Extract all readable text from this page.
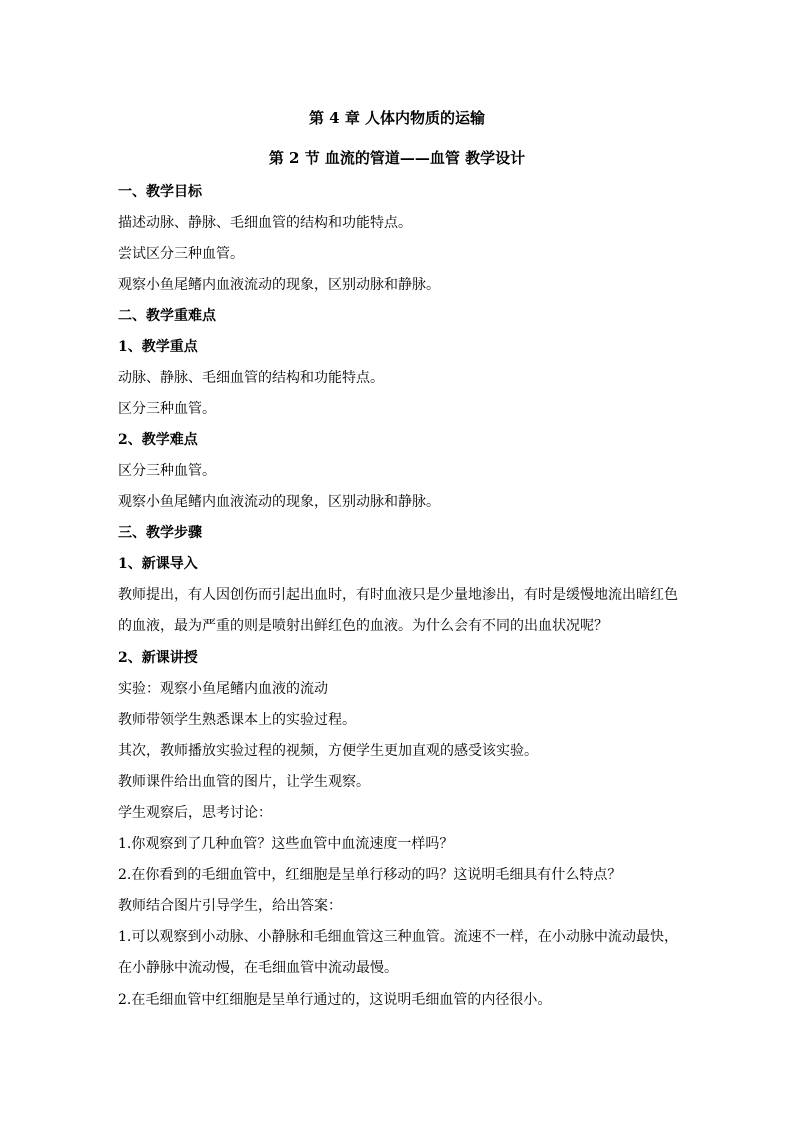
第 4 章 人体内物质的运输

第 2 节 血流的管道——血管 教学设计

一、教学目标

描述动脉、静脉、毛细血管的结构和功能特点。

尝试区分三种血管。

观察小鱼尾鳍内血液流动的现象，区别动脉和静脉。

二、教学重难点

1、教学重点

动脉、静脉、毛细血管的结构和功能特点。

区分三种血管。

2、教学难点

区分三种血管。

观察小鱼尾鳍内血液流动的现象，区别动脉和静脉。

三、教学步骤

1、新课导入

教师提出，有人因创伤而引起出血时，有时血液只是少量地渗出，有时是缓慢地流出暗红色的血液，最为严重的则是喷射出鲜红色的血液。为什么会有不同的出血状况呢？

2、新课讲授

实验：观察小鱼尾鳍内血液的流动

教师带领学生熟悉课本上的实验过程。

其次，教师播放实验过程的视频，方便学生更加直观的感受该实验。

教师课件给出血管的图片，让学生观察。

学生观察后，思考讨论：

1.你观察到了几种血管？这些血管中血流速度一样吗？

2.在你看到的毛细血管中，红细胞是呈单行移动的吗？这说明毛细具有什么特点？

教师结合图片引导学生，给出答案：

1.可以观察到小动脉、小静脉和毛细血管这三种血管。流速不一样，在小动脉中流动最快，在小静脉中流动慢，在毛细血管中流动最慢。

2.在毛细血管中红细胞是呈单行通过的，这说明毛细血管的内径很小。
